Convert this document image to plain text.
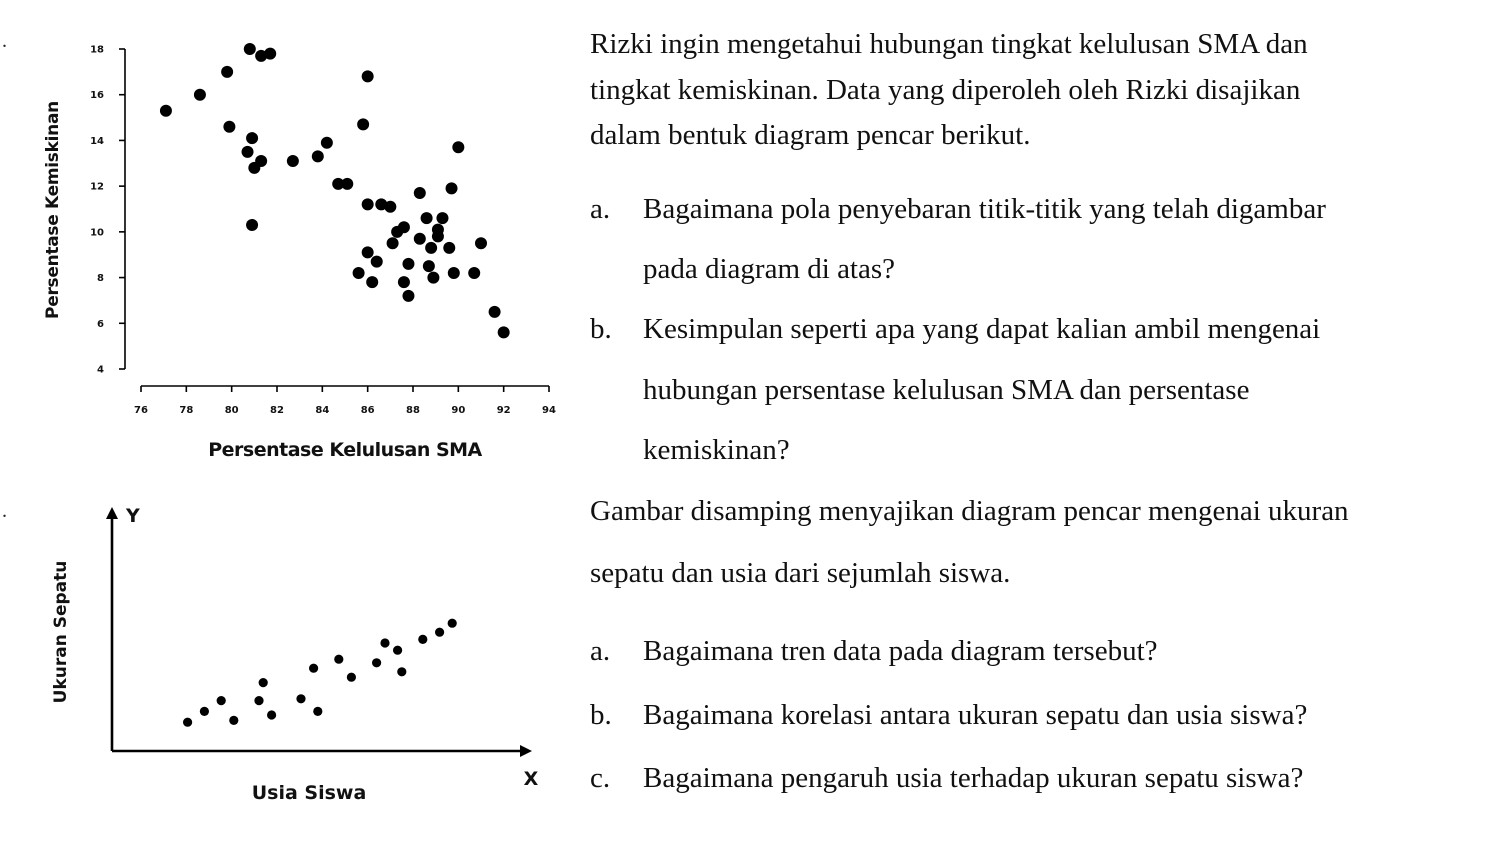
4
6
8
10
12
14
16
18
76	78	80	82	84	86	88	90	92	94
Persentase Kelulusan SMA
Persentase Kemiskinan
Y
X
Usia Siswa
Ukuran Sepatu
.	Rizki ingin mengetahui hubungan tingkat kelulusan SMA dan
tingkat kemiskinan. Data yang diperoleh oleh Rizki disajikan
dalam bentuk diagram pencar berikut.
a. Bagaimana pola penyebaran titik-titik yang telah digambar
pada diagram di atas?
b. Kesimpulan seperti apa yang dapat kalian ambil mengenai
hubungan persentase kelulusan SMA dan persentase
kemiskinan?
.	Gambar disamping menyajikan diagram pencar mengenai ukuran
sepatu dan usia dari sejumlah siswa.
a. Bagaimana tren data pada diagram tersebut?
b. Bagaimana korelasi antara ukuran sepatu dan usia siswa?
c. Bagaimana pengaruh usia terhadap ukuran sepatu siswa?
